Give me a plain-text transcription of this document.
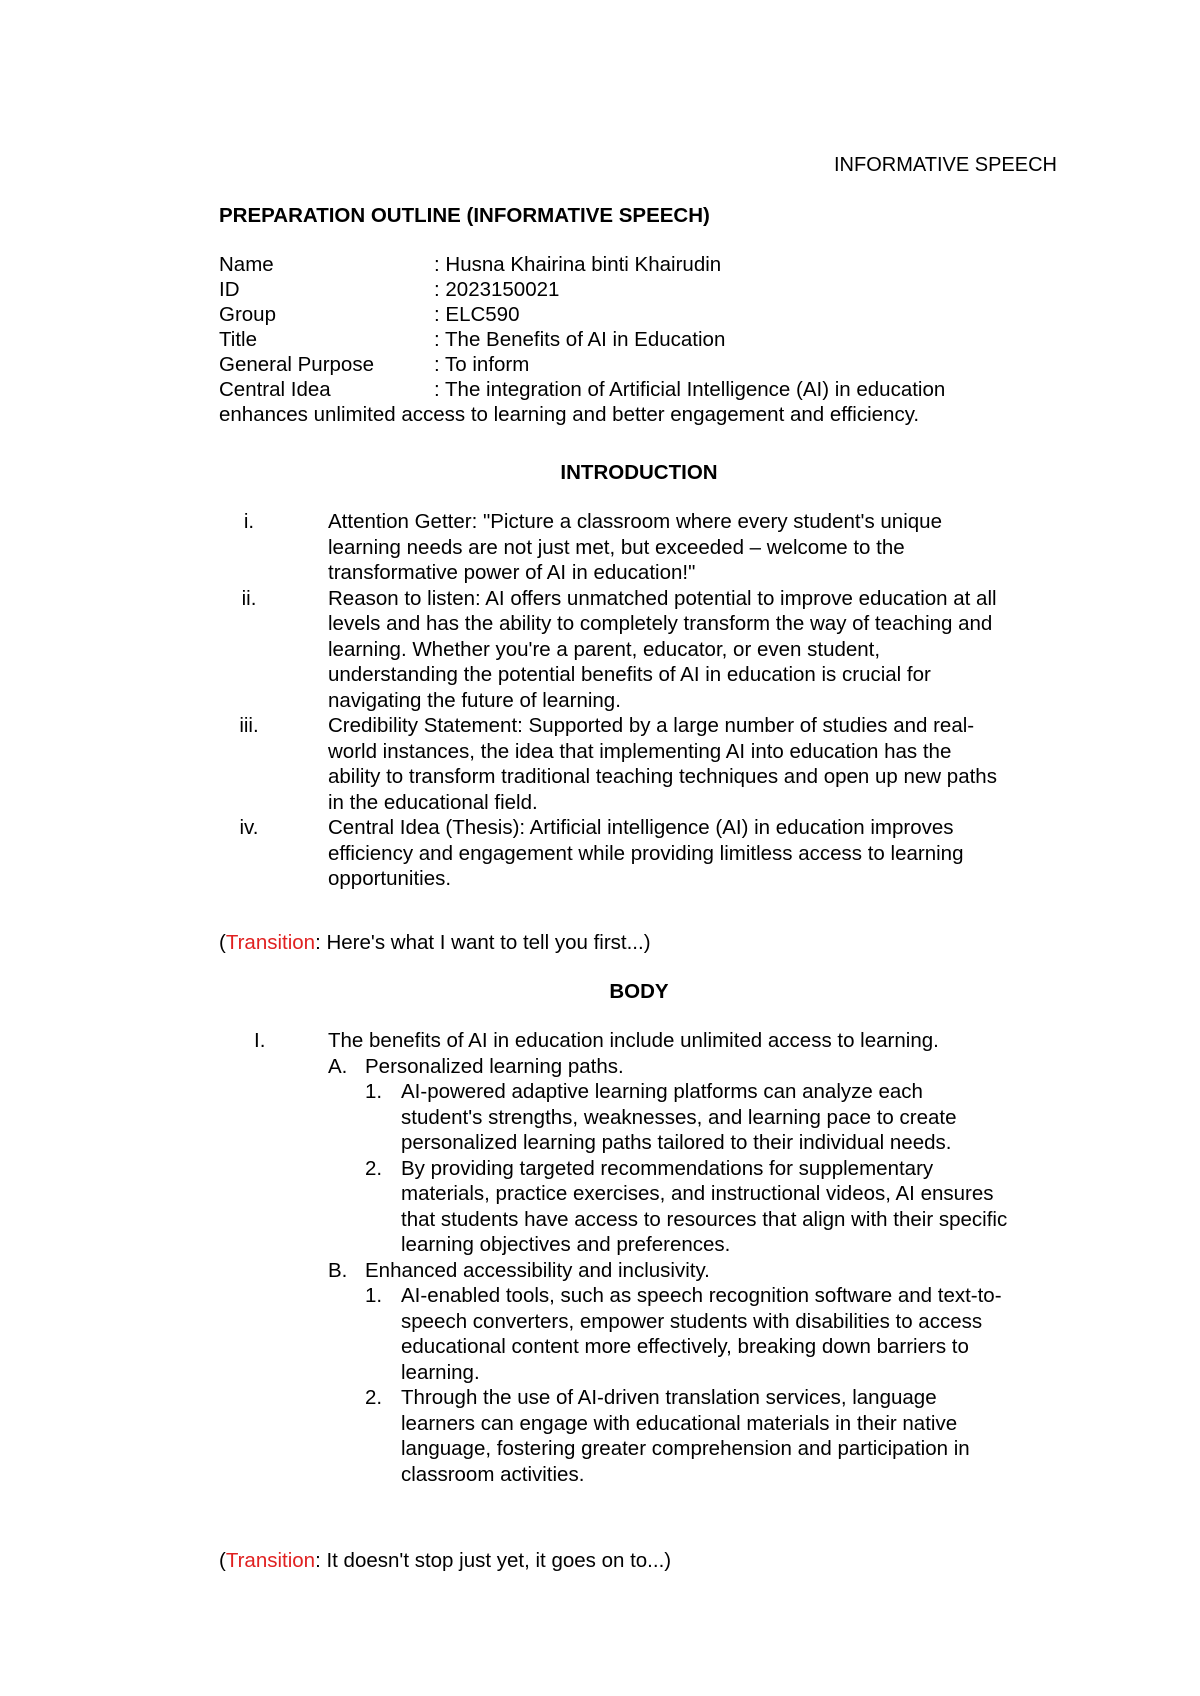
INFORMATIVE SPEECH
PREPARATION OUTLINE (INFORMATIVE SPEECH)
Name	: Husna Khairina binti Khairudin
ID	: 2023150021
Group	: ELC590
Title	: The Benefits of AI in Education
General Purpose	: To inform
Central Idea	: The integration of Artificial Intelligence (AI) in education
enhances unlimited access to learning and better engagement and efficiency.
INTRODUCTION
i.	Attention Getter: "Picture a classroom where every student's unique
learning needs are not just met, but exceeded – welcome to the
transformative power of AI in education!"
ii.	Reason to listen: AI offers unmatched potential to improve education at all
levels and has the ability to completely transform the way of teaching and
learning. Whether you're a parent, educator, or even student,
understanding the potential benefits of AI in education is crucial for
navigating the future of learning.
iii.	Credibility Statement: Supported by a large number of studies and real-
world instances, the idea that implementing AI into education has the
ability to transform traditional teaching techniques and open up new paths
in the educational field.
iv.	Central Idea (Thesis): Artificial intelligence (AI) in education improves
efficiency and engagement while providing limitless access to learning
opportunities.
(Transition: Here's what I want to tell you first...)
BODY
I.	The benefits of AI in education include unlimited access to learning.
A. Personalized learning paths.
1. AI-powered adaptive learning platforms can analyze each
student's strengths, weaknesses, and learning pace to create
personalized learning paths tailored to their individual needs.
2. By providing targeted recommendations for supplementary
materials, practice exercises, and instructional videos, AI ensures
that students have access to resources that align with their specific
learning objectives and preferences.
B. Enhanced accessibility and inclusivity.
1. AI-enabled tools, such as speech recognition software and text-to-
speech converters, empower students with disabilities to access
educational content more effectively, breaking down barriers to
learning.
2. Through the use of AI-driven translation services, language
learners can engage with educational materials in their native
language, fostering greater comprehension and participation in
classroom activities.
(Transition: It doesn't stop just yet, it goes on to...)
